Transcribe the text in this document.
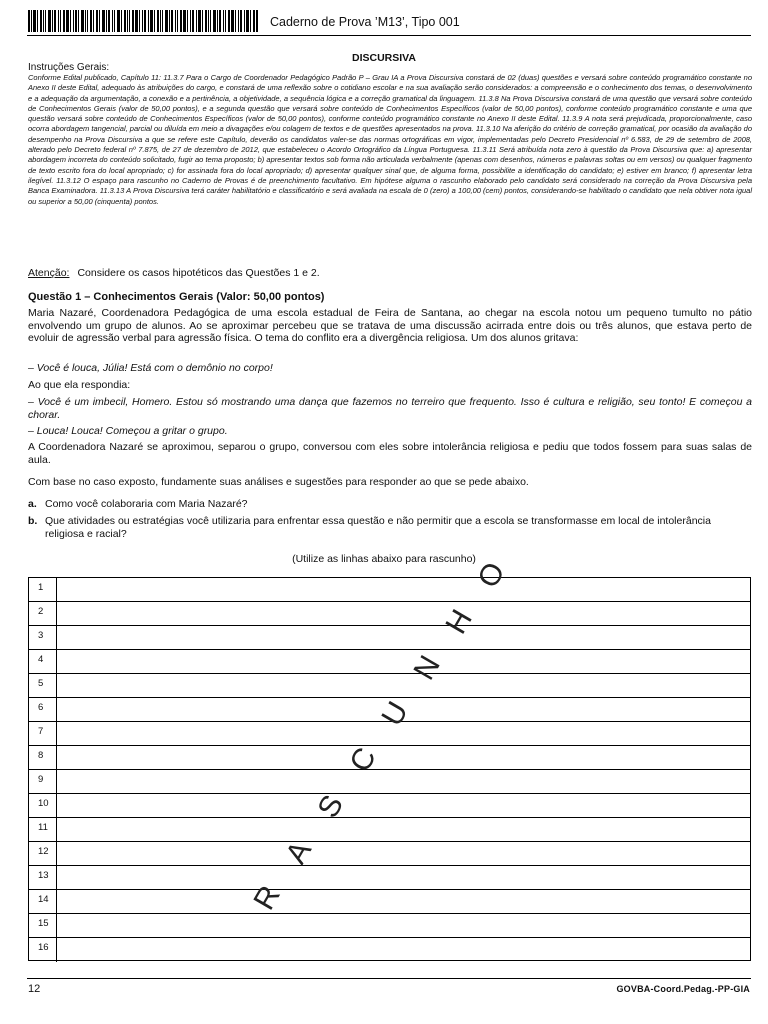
Caderno de Prova ’M13’, Tipo 001
DISCURSIVA
Instruções Gerais:
Conforme Edital publicado, Capítulo 11: 11.3.7 Para o Cargo de Coordenador Pedagógico Padrão P – Grau IA a Prova Discursiva constará de 02 (duas) questões e versará sobre conteúdo programático constante no Anexo II deste Edital, adequado às atribuições do cargo, e constará de uma reflexão sobre o cotidiano escolar e na sua avaliação serão considerados: a compreensão e o conhecimento dos temas, o desenvolvimento e a adequação da argumentação, a conexão e a pertinência, a objetividade, a sequência lógica e a correção gramatical da linguagem. 11.3.8 Na Prova Discursiva constará de uma questão que versará sobre conteúdo de Conhecimentos Gerais (valor de 50,00 pontos), e a segunda questão que versará sobre conteúdo de Conhecimentos Específicos (valor de 50,00 pontos), conforme conteúdo programático constante e uma que questão versará sobre conteúdo de Conhecimentos Específicos (valor de 50,00 pontos), conforme conteúdo programático constante no Anexo II deste Edital. 11.3.9 A nota será prejudicada, proporcionalmente, caso ocorra abordagem tangencial, parcial ou diluída em meio a divagações e/ou colagem de textos e de questões apresentados na prova. 11.3.10 Na aferição do critério de correção gramatical, por ocasião da avaliação do desempenho na Prova Discursiva a que se refere este Capítulo, deverão os candidatos valer-se das normas ortográficas em vigor, implementadas pelo Decreto Presidencial nº 6.583, de 29 de setembro de 2008, alterado pelo Decreto federal nº 7.875, de 27 de dezembro de 2012, que estabeleceu o Acordo Ortográfico da Língua Portuguesa. 11.3.11 Será atribuída nota zero à questão da Prova Discursiva que: a) apresentar abordagem incorreta do conteúdo solicitado, fugir ao tema proposto; b) apresentar textos sob forma não articulada verbalmente (apenas com desenhos, números e palavras soltas ou em versos) ou qualquer fragmento de texto escrito fora do local apropriado; c) for assinada fora do local apropriado; d) apresentar qualquer sinal que, de alguma forma, possibilite a identificação do candidato; e) estiver em branco; f) apresentar letra ilegível. 11.3.12 O espaço para rascunho no Caderno de Provas é de preenchimento facultativo. Em hipótese alguma o rascunho elaborado pelo candidato será considerado na correção da Prova Discursiva pela Banca Examinadora. 11.3.13 A Prova Discursiva terá caráter habilitatório e classificatório e será avaliada na escala de 0 (zero) a 100,00 (cem) pontos, considerando-se habilitado o candidato que nela obtiver nota igual ou superior a 50,00 (cinquenta) pontos.
Atenção: Considere os casos hipotéticos das Questões 1 e 2.
Questão 1 – Conhecimentos Gerais (Valor: 50,00 pontos)
Maria Nazaré, Coordenadora Pedagógica de uma escola estadual de Feira de Santana, ao chegar na escola notou um pequeno tumulto no pátio envolvendo um grupo de alunos. Ao se aproximar percebeu que se tratava de uma discussão acirrada entre dois ou três alunos, que estava perto de evoluir de agressão verbal para agressão física. O tema do conflito era a divergência religiosa. Um dos alunos gritava:
– Você é louca, Júlia! Está com o demônio no corpo!
Ao que ela respondia:
– Você é um imbecil, Homero. Estou só mostrando uma dança que fazemos no terreiro que frequento. Isso é cultura e religião, seu tonto! E começou a chorar.
– Louca! Louca! Começou a gritar o grupo.
A Coordenadora Nazaré se aproximou, separou o grupo, conversou com eles sobre intolerância religiosa e pediu que todos fossem para suas salas de aula.
Com base no caso exposto, fundamente suas análises e sugestões para responder ao que se pede abaixo.
a. Como você colaboraria com Maria Nazaré?
b. Que atividades ou estratégias você utilizaria para enfrentar essa questão e não permitir que a escola se transformasse em local de intolerância religiosa e racial?
(Utilize as linhas abaixo para rascunho)
1
2
3
4
5
6
7
8
9
10
11
12
13
14
15
16
R
A
S
C
U
N
H
O
12	GOVBA-Coord.Pedag.-PP-GIA
